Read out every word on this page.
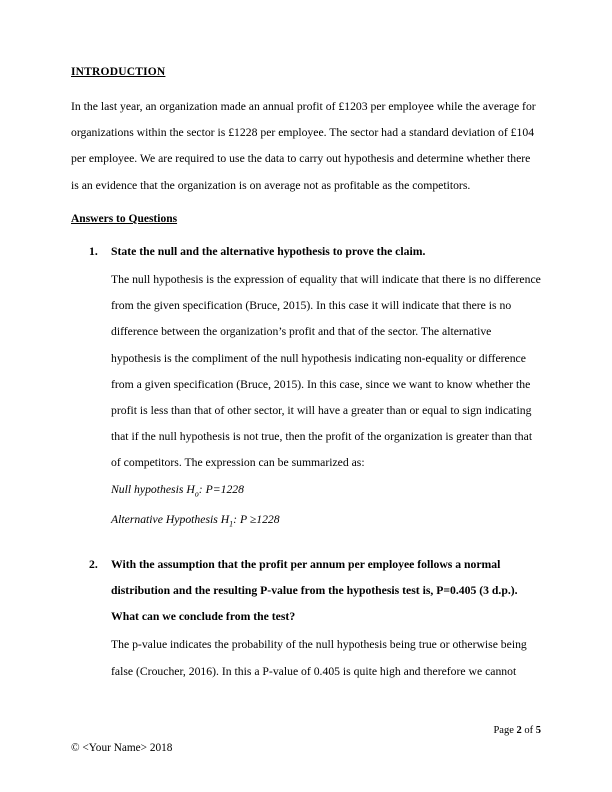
INTRODUCTION
In the last year, an organization made an annual profit of £1203 per employee while the average for organizations within the sector is £1228 per employee. The sector had a standard deviation of £104 per employee. We are required to use the data to carry out hypothesis and determine whether there is an evidence that the organization is on average not as profitable as the competitors.
Answers to Questions
1.	State the null and the alternative hypothesis to prove the claim.
The null hypothesis is the expression of equality that will indicate that there is no difference from the given specification (Bruce, 2015). In this case it will indicate that there is no difference between the organization’s profit and that of the sector. The alternative hypothesis is the compliment of the null hypothesis indicating non-equality or difference from a given specification (Bruce, 2015). In this case, since we want to know whether the profit is less than that of other sector, it will have a greater than or equal to sign indicating that if the null hypothesis is not true, then the profit of the organization is greater than that of competitors. The expression can be summarized as:
Null hypothesis $H_o$: P=1228
Alternative Hypothesis $H_1$: P ≥1228
2.	With the assumption that the profit per annum per employee follows a normal distribution and the resulting P-value from the hypothesis test is, P=0.405 (3 d.p.). What can we conclude from the test?
The p-value indicates the probability of the null hypothesis being true or otherwise being false (Croucher, 2016). In this a P-value of 0.405 is quite high and therefore we cannot
© <Your Name> 2018
Page 2 of 5
